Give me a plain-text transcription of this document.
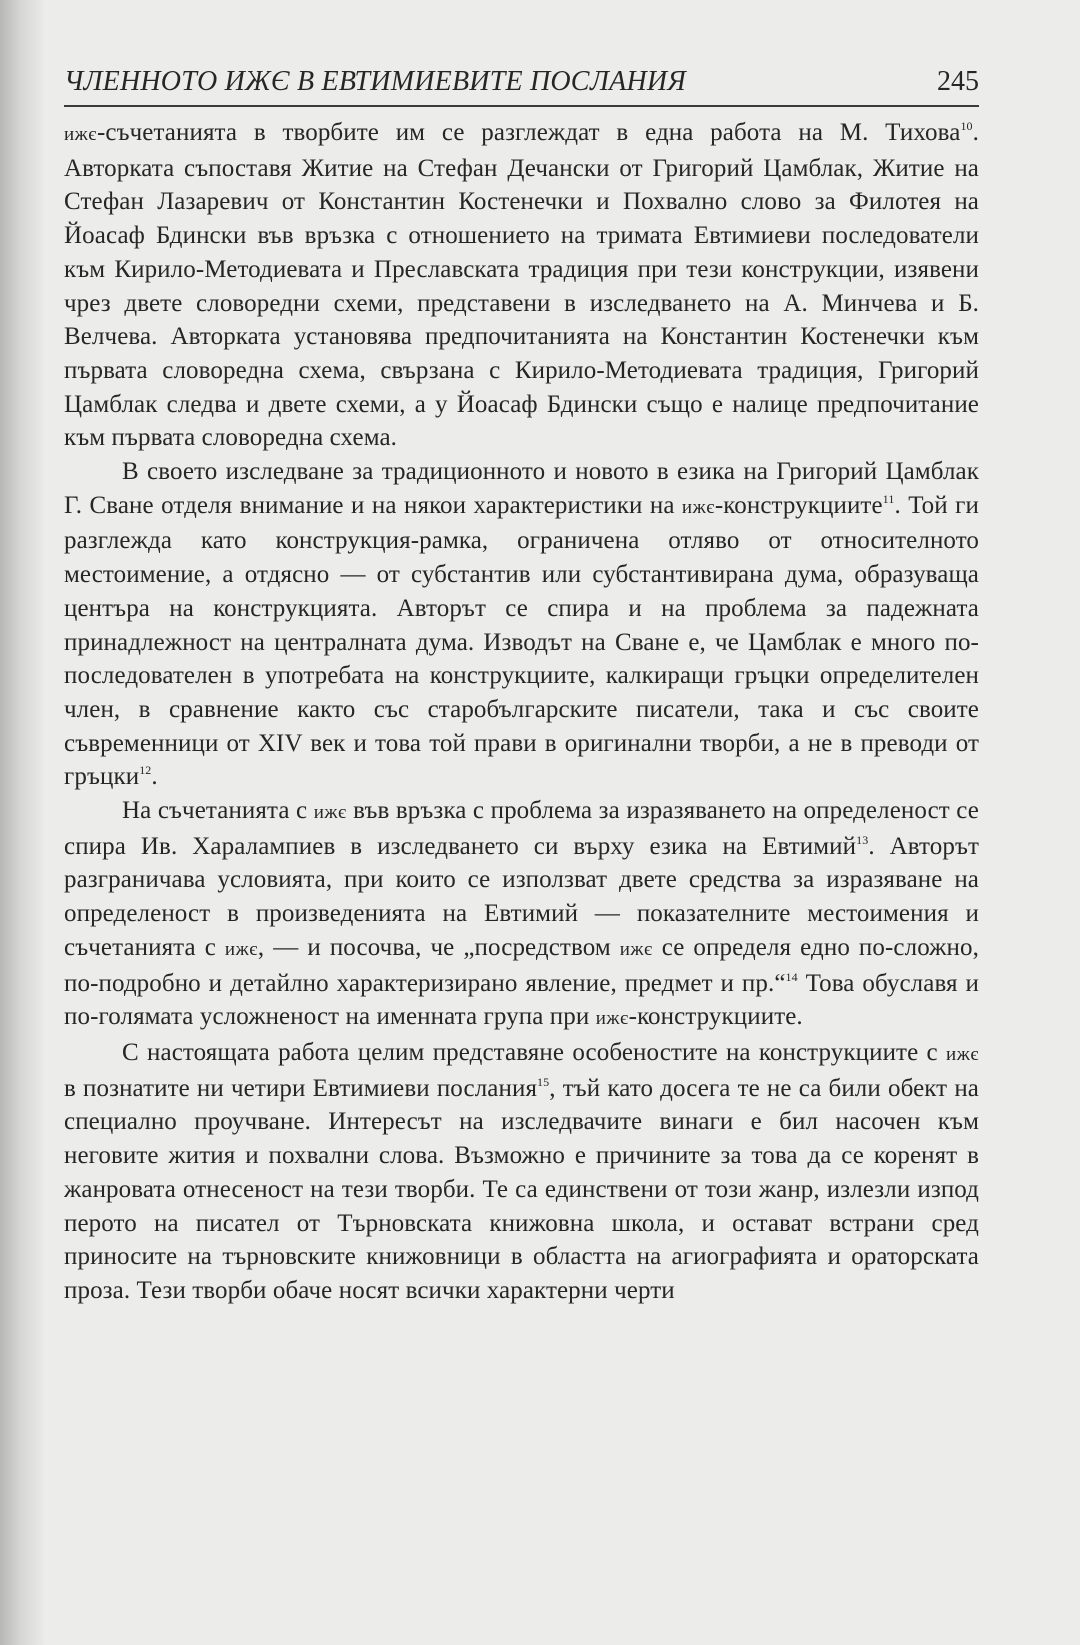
ЧЛЕННОТО ИЖЄ В ЕВТИМИЕВИТЕ ПОСЛАНИЯ	245

ижє-съчетанията в творбите им се разглеждат в една работа на М. Тихова$^{10}$. Авторката съпоставя Житие на Стефан Дечански от Григорий Цамблак, Житие на Стефан Лазаревич от Константин Костенечки и Похвално слово за Филотея на Йоасаф Бдински във връзка с отношението на тримата Евтимиеви последователи към Кирило-Методиевата и Преславската традиция при тези конструкции, изявени чрез двете словоредни схеми, представени в изследването на А. Минчева и Б. Велчева. Авторката установява предпочитанията на Константин Костенечки към първата словоредна схема, свързана с Кирило-Методиевата традиция, Григорий Цамблак следва и двете схеми, а у Йоасаф Бдински също е налице предпочитание към първата словоредна схема.

В своето изследване за традиционното и новото в езика на Григорий Цамблак Г. Сване отделя внимание и на някои характеристики на ижє-конструкциите$^{11}$. Той ги разглежда като конструкция-рамка, ограничена отляво от относителното местоимение, а отдясно — от субстантив или субстантивирана дума, образуваща центъра на конструкцията. Авторът се спира и на проблема за падежната принадлежност на централната дума. Изводът на Сване е, че Цамблак е много по-последователен в употребата на конструкциите, калкиращи гръцки определителен член, в сравнение както със старобългарските писатели, така и със своите съвременници от XIV век и това той прави в оригинални творби, а не в преводи от гръцки$^{12}$.

На съчетанията с ижє във връзка с проблема за изразяването на определеност се спира Ив. Харалампиев в изследването си върху езика на Евтимий$^{13}$. Авторът разграничава условията, при които се използват двете средства за изразяване на определеност в произведенията на Евтимий — показателните местоимения и съчетанията с ижє, — и посочва, че „посредством ижє се определя едно по-сложно, по-подробно и детайлно характеризирано явление, предмет и пр.“$^{14}$ Това обуславя и по-голямата усложненост на именната група при ижє-конструкциите.

С настоящата работа целим представяне особеностите на конструкциите с ижє в познатите ни четири Евтимиеви послания$^{15}$, тъй като досега те не са били обект на специално проучване. Интересът на изследвачите винаги е бил насочен към неговите жития и похвални слова. Възможно е причините за това да се коренят в жанровата отнесеност на тези творби. Те са единствени от този жанр, излезли изпод перото на писател от Търновската книжовна школа, и остават встрани сред приносите на търновските книжовници в областта на агиографията и ораторската проза. Тези творби обаче носят всички характерни черти
